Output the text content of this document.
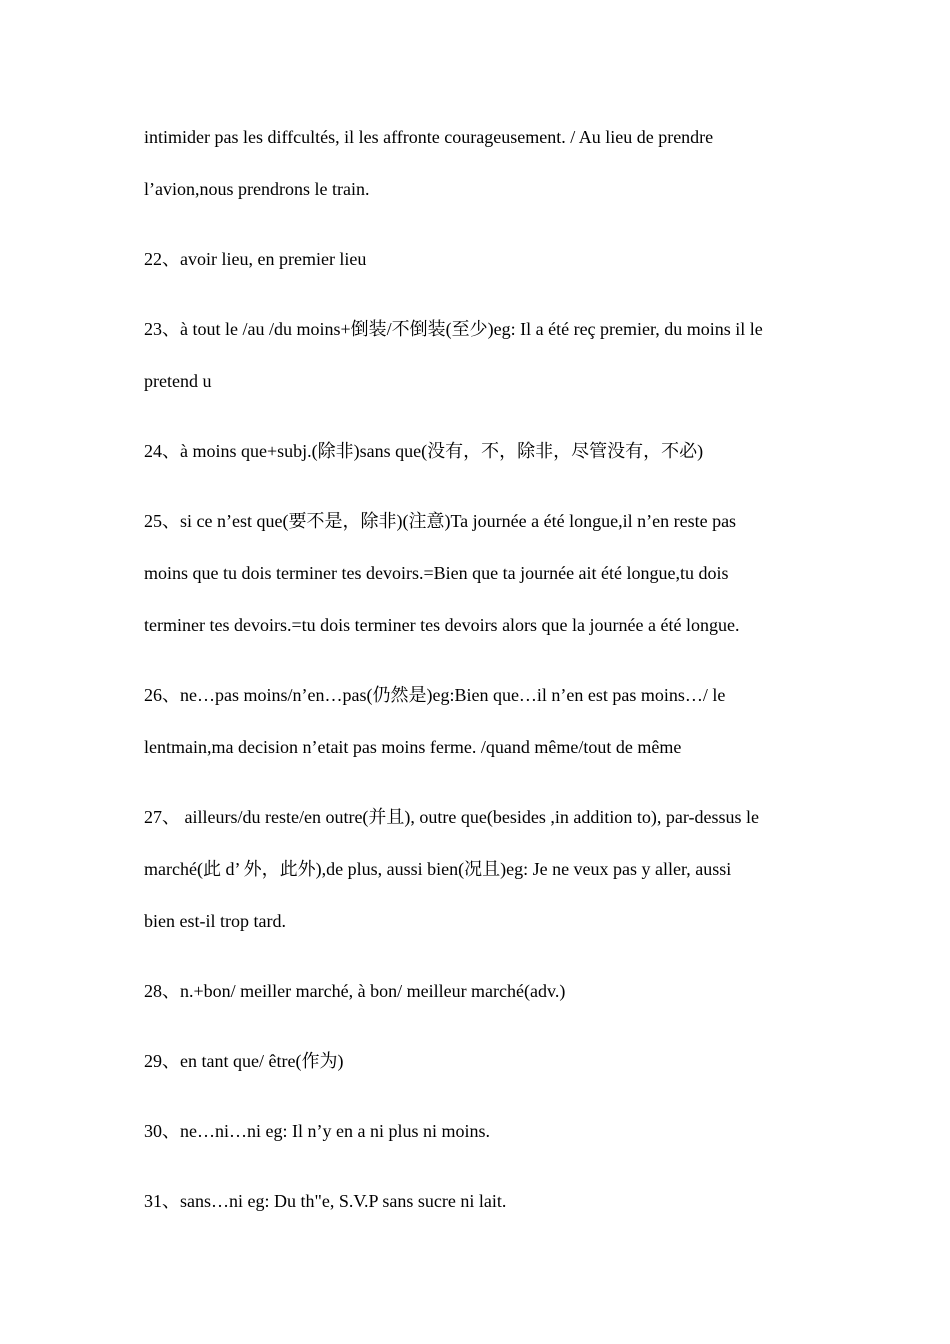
intimider pas les diffcultés, il les affronte courageusement. / Au lieu de prendre
l’avion,nous prendrons le train.
22、avoir lieu, en premier lieu
23、à tout le /au /du moins+倒装/不倒装(至少)eg: Il a été reç premier, du moins il le
pretend u
24、à moins que+subj.(除非)sans que(没有，不，除非，尽管没有，不必)
25、si ce n’est que(要不是，除非)(注意)Ta journée a été longue,il n’en reste pas
moins que tu dois terminer tes devoirs.=Bien que ta journée ait été longue,tu dois
terminer tes devoirs.=tu dois terminer tes devoirs alors que la journée a été longue.
26、ne…pas moins/n’en…pas(仍然是)eg:Bien que…il n’en est pas moins…/ le
lentmain,ma decision n’etait pas moins ferme. /quand même/tout de même
27、 ailleurs/du reste/en outre(并且), outre que(besides ,in addition to), par-dessus le
marché(此 d’ 外，此外),de plus, aussi bien(况且)eg: Je ne veux pas y aller, aussi
bien est-il trop tard.
28、n.+bon/ meiller marché, à bon/ meilleur marché(adv.)
29、en tant que/ être(作为)
30、ne…ni…ni eg: Il n’y en a ni plus ni moins.
31、sans…ni eg: Du th"e, S.V.P sans sucre ni lait.
